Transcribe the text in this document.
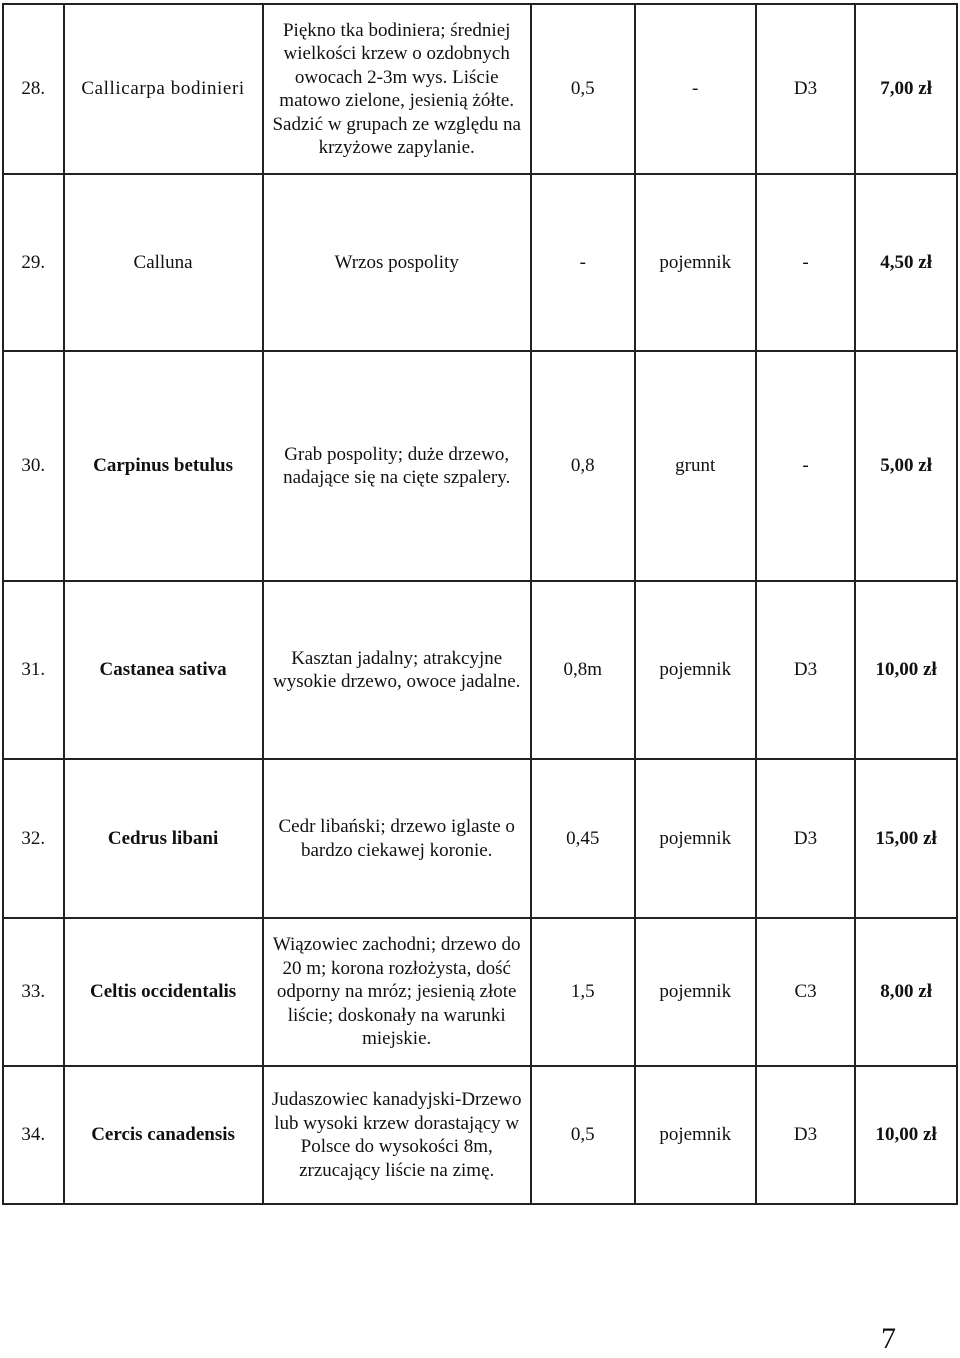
28.	Callicarpa bodinieri	Piękno tka bodiniera; średniej wielkości krzew o ozdobnych owocach 2-3m wys. Liście matowo zielone, jesienią żółte. Sadzić w grupach ze względu na krzyżowe zapylanie.	0,5	-	D3	7,00 zł
29.	Calluna	Wrzos pospolity	-	pojemnik	-	4,50 zł
30.	Carpinus betulus	Grab pospolity; duże drzewo, nadające się na cięte szpalery.	0,8	grunt	-	5,00 zł
31.	Castanea sativa	Kasztan jadalny; atrakcyjne wysokie drzewo, owoce jadalne.	0,8m	pojemnik	D3	10,00 zł
32.	Cedrus libani	Cedr libański; drzewo iglaste o bardzo ciekawej koronie.	0,45	pojemnik	D3	15,00 zł
33.	Celtis occidentalis	Wiązowiec zachodni; drzewo do 20 m; korona rozłożysta, dość odporny na mróz; jesienią złote liście; doskonały na warunki miejskie.	1,5	pojemnik	C3	8,00 zł
34.	Cercis canadensis	Judaszowiec kanadyjski-Drzewo lub wysoki krzew dorastający w Polsce do wysokości 8m, zrzucający liście na zimę.	0,5	pojemnik	D3	10,00 zł
7
